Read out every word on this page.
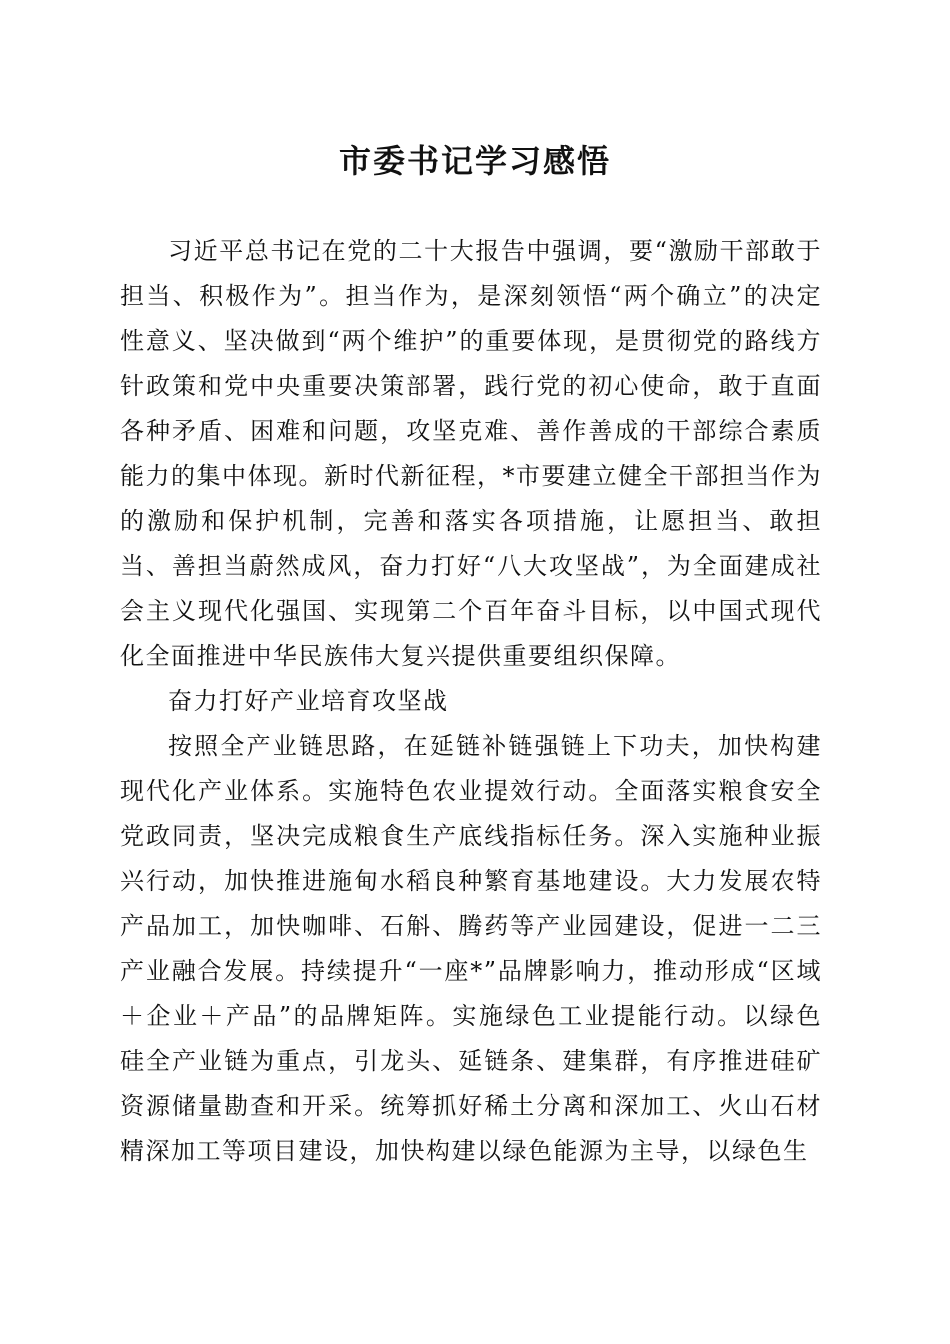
市委书记学习感悟

习近平总书记在党的二十大报告中强调，要“激励干部敢于担当、积极作为”。担当作为，是深刻领悟“两个确立”的决定性意义、坚决做到“两个维护”的重要体现，是贯彻党的路线方针政策和党中央重要决策部署，践行党的初心使命，敢于直面各种矛盾、困难和问题，攻坚克难、善作善成的干部综合素质能力的集中体现。新时代新征程，*市要建立健全干部担当作为的激励和保护机制，完善和落实各项措施，让愿担当、敢担当、善担当蔚然成风，奋力打好“八大攻坚战”，为全面建成社会主义现代化强国、实现第二个百年奋斗目标，以中国式现代化全面推进中华民族伟大复兴提供重要组织保障。

奋力打好产业培育攻坚战

按照全产业链思路，在延链补链强链上下功夫，加快构建现代化产业体系。实施特色农业提效行动。全面落实粮食安全党政同责，坚决完成粮食生产底线指标任务。深入实施种业振兴行动，加快推进施甸水稻良种繁育基地建设。大力发展农特产品加工，加快咖啡、石斛、腾药等产业园建设，促进一二三产业融合发展。持续提升“一座*”品牌影响力，推动形成“区域＋企业＋产品”的品牌矩阵。实施绿色工业提能行动。以绿色硅全产业链为重点，引龙头、延链条、建集群，有序推进硅矿资源储量勘查和开采。统筹抓好稀土分离和深加工、火山石材精深加工等项目建设，加快构建以绿色能源为主导，以绿色生
